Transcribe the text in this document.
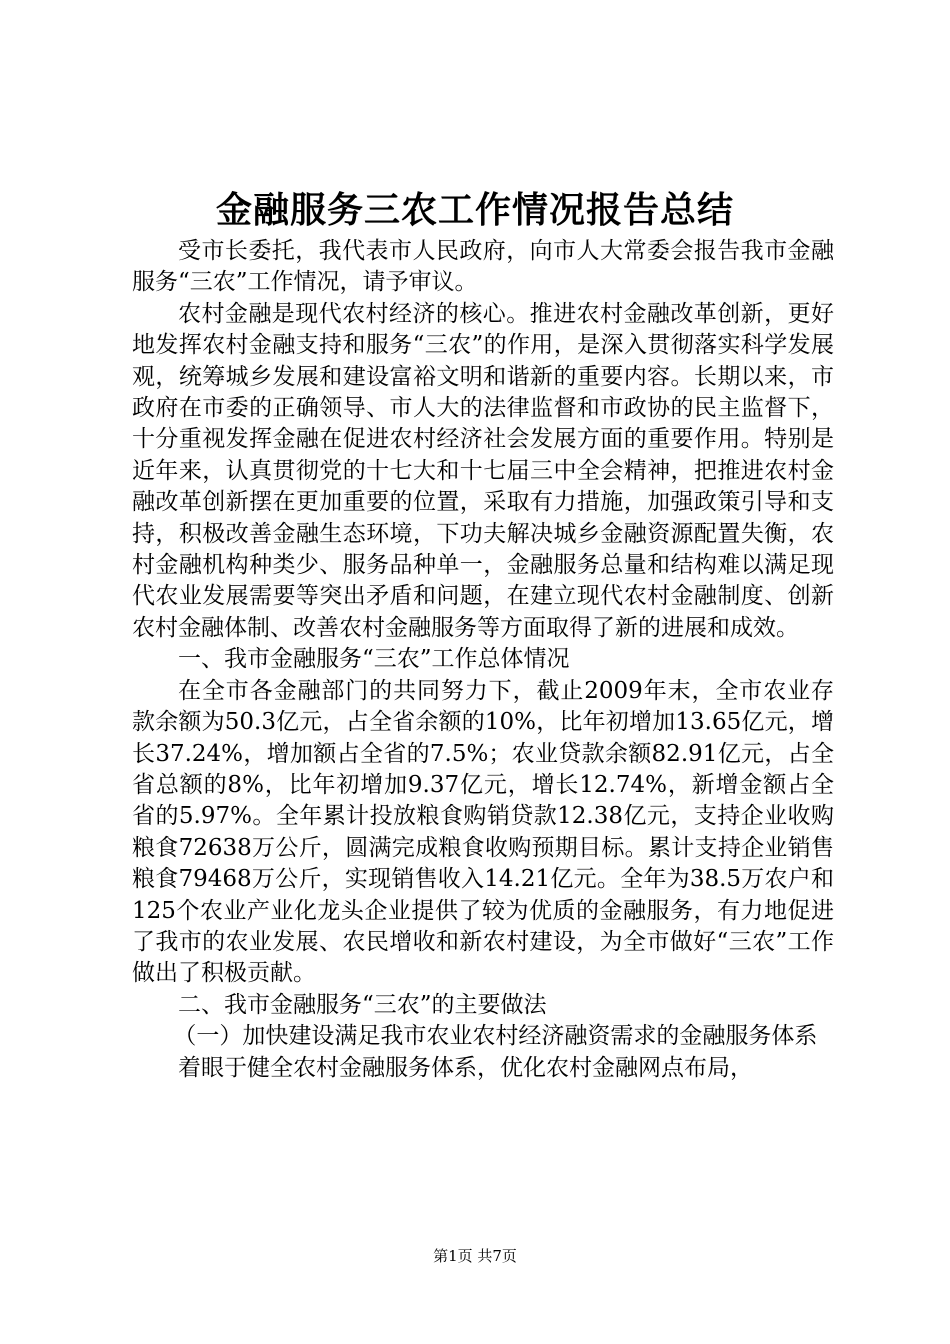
金融服务三农工作情况报告总结

受市长委托，我代表市人民政府，向市人大常委会报告我市金融服务“三农”工作情况，请予审议。

农村金融是现代农村经济的核心。推进农村金融改革创新，更好地发挥农村金融支持和服务“三农”的作用，是深入贯彻落实科学发展观，统筹城乡发展和建设富裕文明和谐新的重要内容。长期以来，市政府在市委的正确领导、市人大的法律监督和市政协的民主监督下，十分重视发挥金融在促进农村经济社会发展方面的重要作用。特别是近年来，认真贯彻党的十七大和十七届三中全会精神，把推进农村金融改革创新摆在更加重要的位置，采取有力措施，加强政策引导和支持，积极改善金融生态环境，下功夫解决城乡金融资源配置失衡，农村金融机构种类少、服务品种单一，金融服务总量和结构难以满足现代农业发展需要等突出矛盾和问题，在建立现代农村金融制度、创新农村金融体制、改善农村金融服务等方面取得了新的进展和成效。

一、我市金融服务“三农”工作总体情况

在全市各金融部门的共同努力下，截止2009年末，全市农业存款余额为50.3亿元，占全省余额的10%，比年初增加13.65亿元，增长37.24%，增加额占全省的7.5%；农业贷款余额82.91亿元，占全省总额的8%，比年初增加9.37亿元，增长12.74%，新增金额占全省的5.97%。全年累计投放粮食购销贷款12.38亿元，支持企业收购粮食72638万公斤，圆满完成粮食收购预期目标。累计支持企业销售粮食79468万公斤，实现销售收入14.21亿元。全年为38.5万农户和125个农业产业化龙头企业提供了较为优质的金融服务，有力地促进了我市的农业发展、农民增收和新农村建设，为全市做好“三农”工作做出了积极贡献。

二、我市金融服务“三农”的主要做法

（一）加快建设满足我市农业农村经济融资需求的金融服务体系

着眼于健全农村金融服务体系，优化农村金融网点布局，

第1页 共7页
